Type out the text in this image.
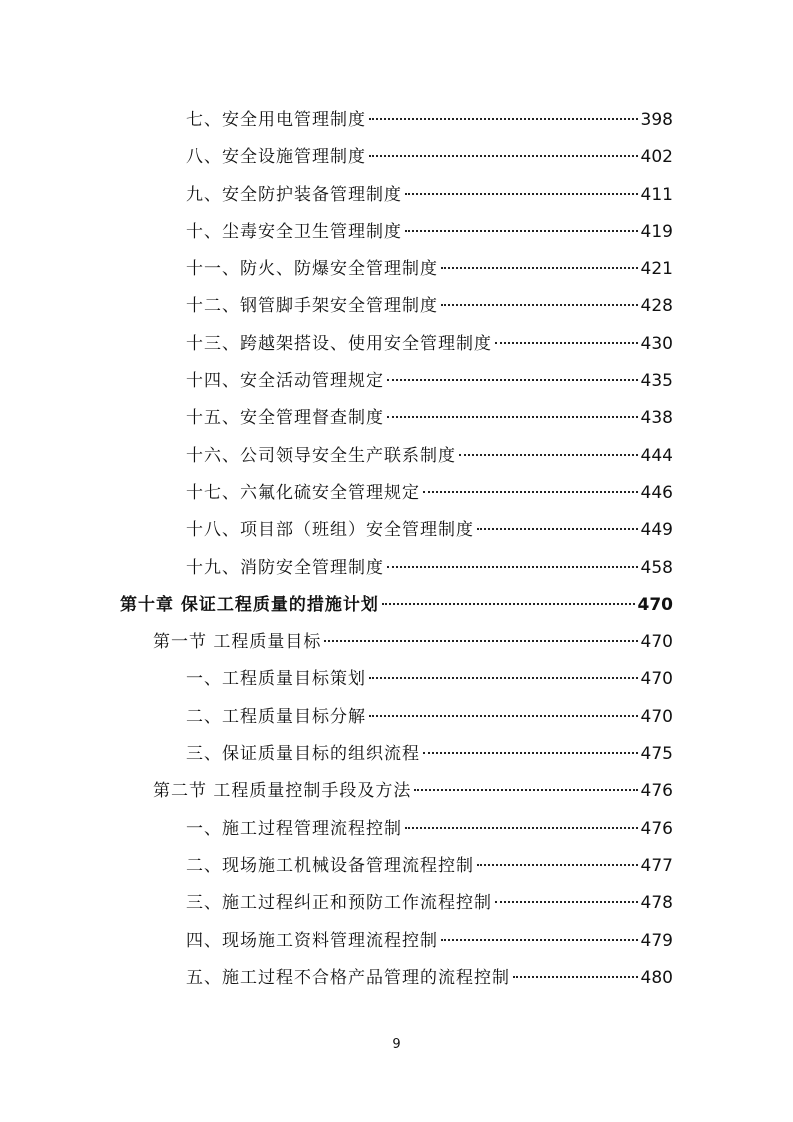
七、安全用电管理制度	398
八、安全设施管理制度	402
九、安全防护装备管理制度	411
十、尘毒安全卫生管理制度	419
十一、防火、防爆安全管理制度	421
十二、钢管脚手架安全管理制度	428
十三、跨越架搭设、使用安全管理制度	430
十四、安全活动管理规定	435
十五、安全管理督查制度	438
十六、公司领导安全生产联系制度	444
十七、六氟化硫安全管理规定	446
十八、项目部（班组）安全管理制度	449
十九、消防安全管理制度	458
第十章 保证工程质量的措施计划	470
第一节 工程质量目标	470
一、工程质量目标策划	470
二、工程质量目标分解	470
三、保证质量目标的组织流程	475
第二节 工程质量控制手段及方法	476
一、施工过程管理流程控制	476
二、现场施工机械设备管理流程控制	477
三、施工过程纠正和预防工作流程控制	478
四、现场施工资料管理流程控制	479
五、施工过程不合格产品管理的流程控制	480
9
